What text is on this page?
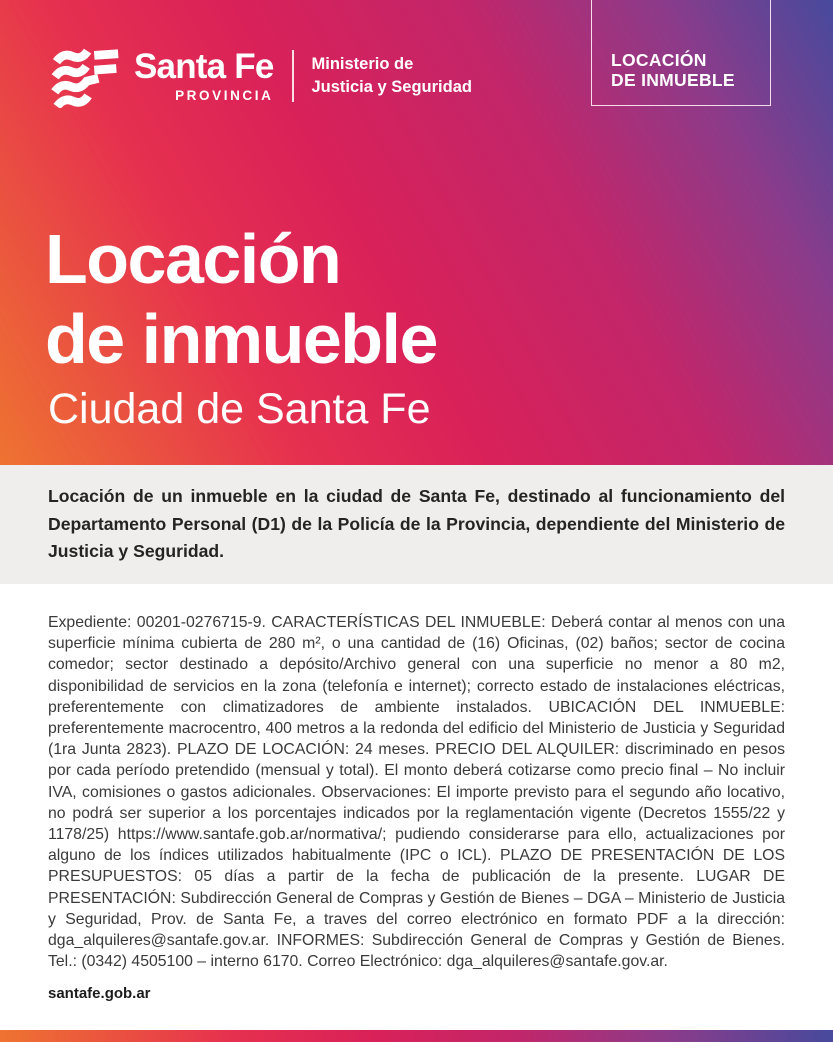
Santa Fe
PROVINCIA
Ministerio de
Justicia y Seguridad
LOCACIÓN
DE INMUEBLE
Locación
de inmueble
Ciudad de Santa Fe

Locación de un inmueble en la ciudad de Santa Fe, destinado al funcionamiento del Departamento Personal (D1) de la Policía de la Provincia, dependiente del Ministerio de Justicia y Seguridad.

Expediente: 00201-0276715-9. CARACTERÍSTICAS DEL INMUEBLE: Deberá contar al menos con una superficie mínima cubierta de 280 m², o una cantidad de (16) Oficinas, (02) baños; sector de cocina comedor; sector destinado a depósito/Archivo general con una superficie no menor a 80 m2, disponibilidad de servicios en la zona (telefonía e internet); correcto estado de instalaciones eléctricas, preferentemente con climatizadores de ambiente instalados. UBICACIÓN DEL INMUEBLE: preferentemente macrocentro, 400 metros a la redonda del edificio del Ministerio de Justicia y Seguridad (1ra Junta 2823). PLAZO DE LOCACIÓN: 24 meses. PRECIO DEL ALQUILER: discriminado en pesos por cada período pretendido (mensual y total). El monto deberá cotizarse como precio final – No incluir IVA, comisiones o gastos adicionales. Observaciones: El importe previsto para el segundo año locativo, no podrá ser superior a los porcentajes indicados por la reglamentación vigente (Decretos 1555/22 y 1178/25) https://www.santafe.gob.ar/normativa/; pudiendo considerarse para ello, actualizaciones por alguno de los índices utilizados habitualmente (IPC o ICL). PLAZO DE PRESENTACIÓN DE LOS PRESUPUESTOS: 05 días a partir de la fecha de publicación de la presente. LUGAR DE PRESENTACIÓN: Subdirección General de Compras y Gestión de Bienes – DGA – Ministerio de Justicia y Seguridad, Prov. de Santa Fe, a traves del correo electrónico en formato PDF a la dirección: dga_alquileres@santafe.gov.ar. INFORMES: Subdirección General de Compras y Gestión de Bienes. Tel.: (0342) 4505100 – interno 6170. Correo Electrónico: dga_alquileres@santafe.gov.ar.

santafe.gob.ar
